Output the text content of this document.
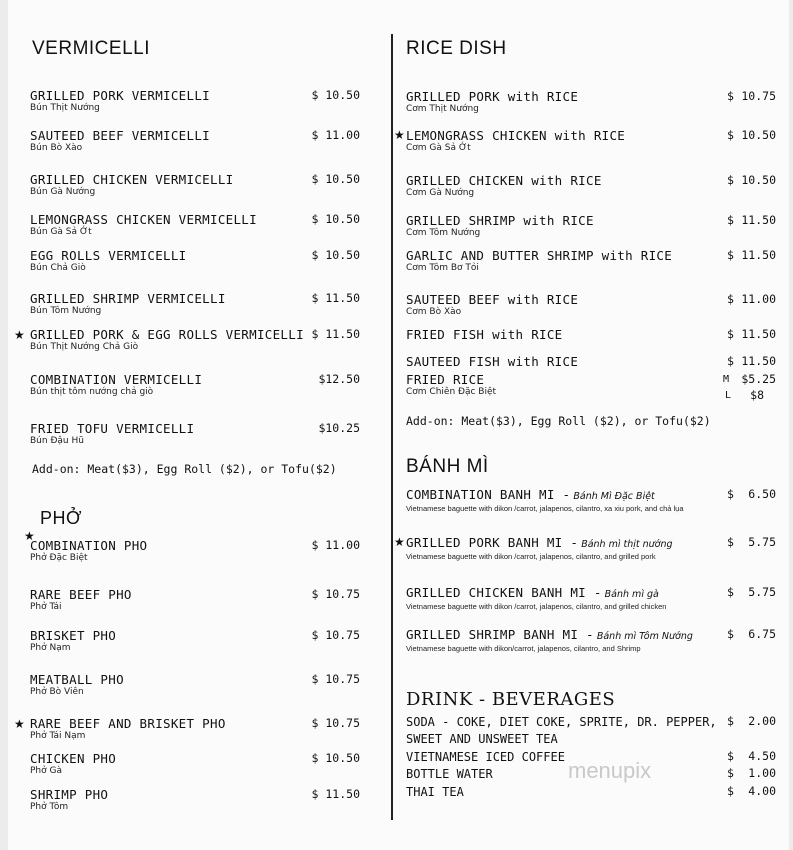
VERMICELLI
GRILLED PORK VERMICELLI
Bún Thịt Nướng
$ 10.50
SAUTEED BEEF VERMICELLI
Bún Bò Xào
$ 11.00
GRILLED CHICKEN VERMICELLI
Bún Gà Nướng
$ 10.50
LEMONGRASS CHICKEN VERMICELLI
Bún Gà Sả Ớt
$ 10.50
EGG ROLLS VERMICELLI
Bún Chả Giò
$ 10.50
GRILLED SHRIMP VERMICELLI
Bún Tôm Nướng
$ 11.50
★ GRILLED PORK & EGG ROLLS VERMICELLI
Bún Thịt Nướng Chả Giò
$ 11.50
COMBINATION VERMICELLI
Bún thịt tôm nướng chả giò
$12.50
FRIED TOFU VERMICELLI
Bún Đậu Hũ
$10.25
Add-on: Meat($3), Egg Roll ($2), or Tofu($2)
PHỞ
★
COMBINATION PHO
Phở Đặc Biệt
$ 11.00
RARE BEEF PHO
Phở Tái
$ 10.75
BRISKET PHO
Phở Nạm
$ 10.75
MEATBALL PHO
Phở Bò Viên
$ 10.75
★ RARE BEEF AND BRISKET PHO
Phở Tái Nạm
$ 10.75
CHICKEN PHO
Phở Gà
$ 10.50
SHRIMP PHO
Phở Tôm
$ 11.50
RICE DISH
GRILLED PORK with RICE
Cơm Thịt Nướng
$ 10.75
★ LEMONGRASS CHICKEN with RICE
Cơm Gà Sả Ớt
$ 10.50
GRILLED CHICKEN with RICE
Cơm Gà Nướng
$ 10.50
GRILLED SHRIMP with RICE
Cơm Tôm Nướng
$ 11.50
GARLIC AND BUTTER SHRIMP with RICE
Cơm Tôm Bơ Tỏi
$ 11.50
SAUTEED BEEF with RICE
Cơm Bò Xào
$ 11.00
FRIED FISH with RICE	$ 11.50
SAUTEED FISH with RICE	$ 11.50
FRIED RICE
Cơm Chiên Đặc Biệt
M $5.25
L $8
Add-on: Meat($3), Egg Roll ($2), or Tofu($2)
BÁNH MÌ
COMBINATION BANH MI - Bánh Mì Đặc Biệt
Vietnamese baguette with dikon /carrot, jalapenos, cilantro, xa xiu pork, and chả lụa
$ 6.50
★ GRILLED PORK BANH MI - Bánh mì thịt nướng
Vietnamese baguette with dikon /carrot, jalapenos, cilantro, and grilled pork
$ 5.75
GRILLED CHICKEN BANH MI - Bánh mì gà
Vietnamese baguette with dikon /carrot, jalapenos, cilantro, and grilled chicken
$ 5.75
GRILLED SHRIMP BANH MI - Bánh mì Tôm Nướng
Vietnamese baguette with dikon/carrot, jalapenos, cilantro, and Shrimp
$ 6.75
DRINK - BEVERAGES
SODA - COKE, DIET COKE, SPRITE, DR. PEPPER, $ 2.00
SWEET AND UNSWEET TEA
VIETNAMESE ICED COFFEE	$ 4.50
BOTTLE WATER	$ 1.00
THAI TEA	$ 4.00
menupix
